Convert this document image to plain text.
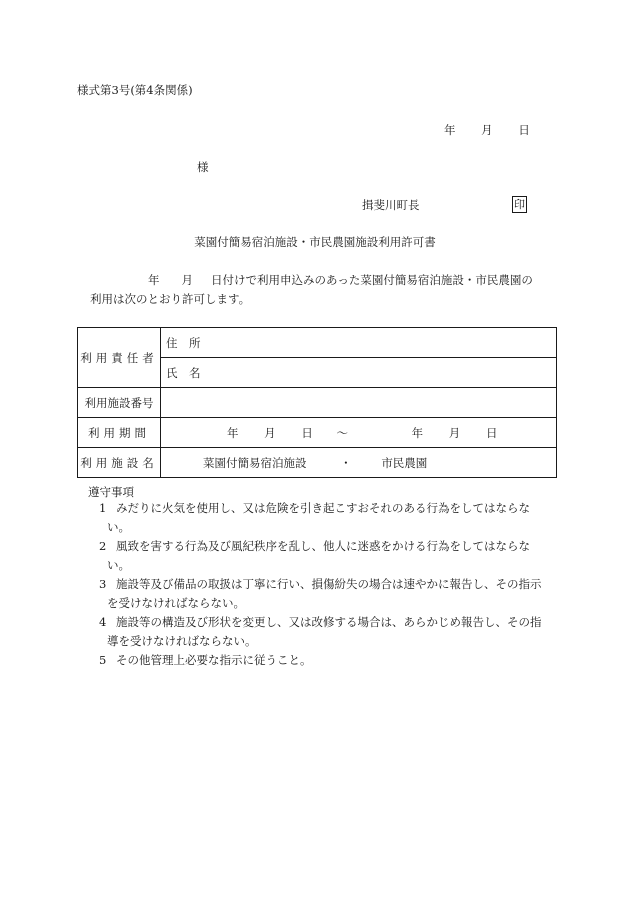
様式第3号(第4条関係)
年 月 日
様
揖斐川町長	印
菜園付簡易宿泊施設・市民農園施設利用許可書
年 月 日付けで利用申込みのあった菜園付簡易宿泊施設・市民農園の
利用は次のとおり許可します。
利用責任者	住　所
	氏　名
利用施設番号	
利用期間	年 月 日 ～ 年 月 日
利用施設名	菜園付簡易宿泊施設 ・ 市民農園
遵守事項
1 みだりに火気を使用し、又は危険を引き起こすおそれのある行為をしてはならな
い。
2 風致を害する行為及び風紀秩序を乱し、他人に迷惑をかける行為をしてはならな
い。
3 施設等及び備品の取扱は丁寧に行い、損傷紛失の場合は速やかに報告し、その指示
を受けなければならない。
4 施設等の構造及び形状を変更し、又は改修する場合は、あらかじめ報告し、その指
導を受けなければならない。
5 その他管理上必要な指示に従うこと。
